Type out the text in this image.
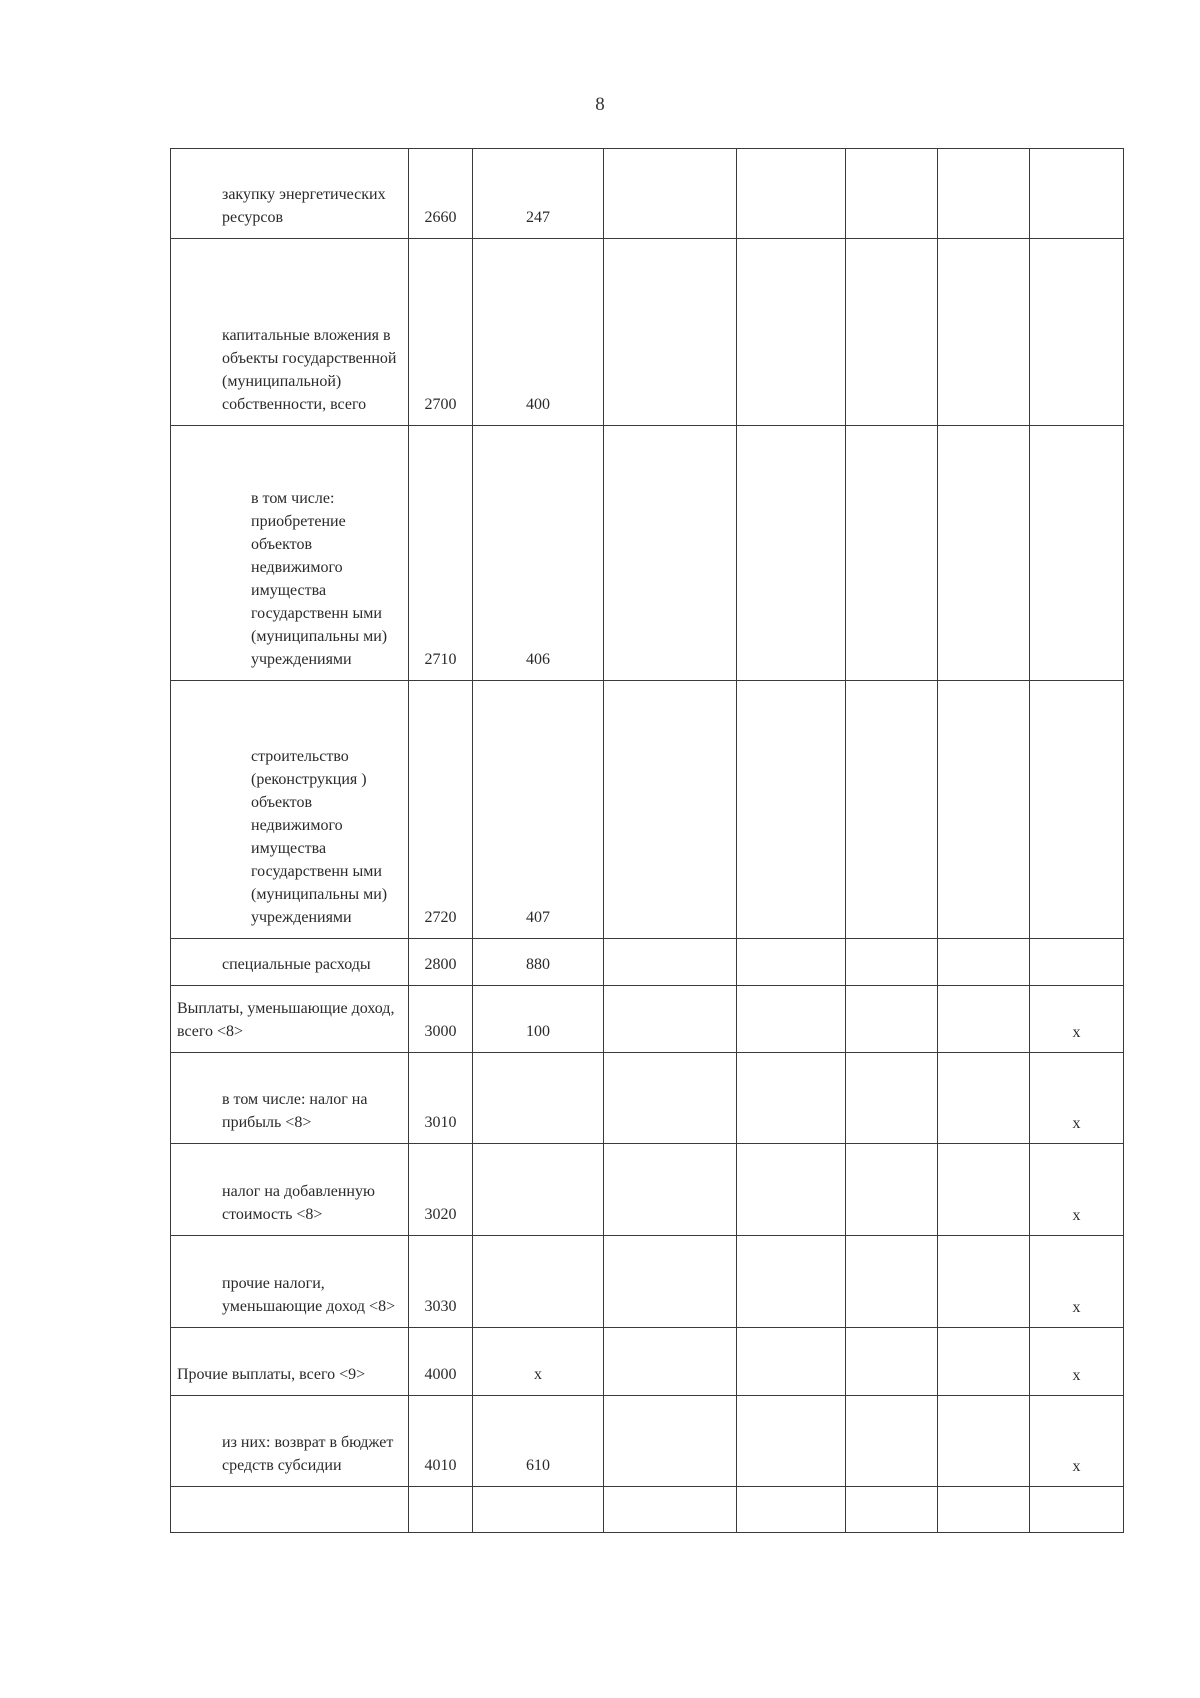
8
закупку энергетических ресурсов	2660	247					

капитальные вложения в объекты государственной (муниципальной) собственности, всего	2700	400					

в том числе: приобретение объектов недвижимого имущества государственн ыми (муниципальны ми) учреждениями	2710	406					

строительство (реконструкция ) объектов недвижимого имущества государственн ыми (муниципальны ми) учреждениями	2720	407					

специальные расходы	2800	880					

Выплаты, уменьшающие доход, всего <8>	3000	100					х

в том числе: налог на прибыль <8>	3010						х

налог на добавленную стоимость <8>	3020						х

прочие налоги, уменьшающие доход <8>	3030						х

Прочие выплаты, всего <9>	4000	х					х

из них: возврат в бюджет средств субсидии	4010	610					х
